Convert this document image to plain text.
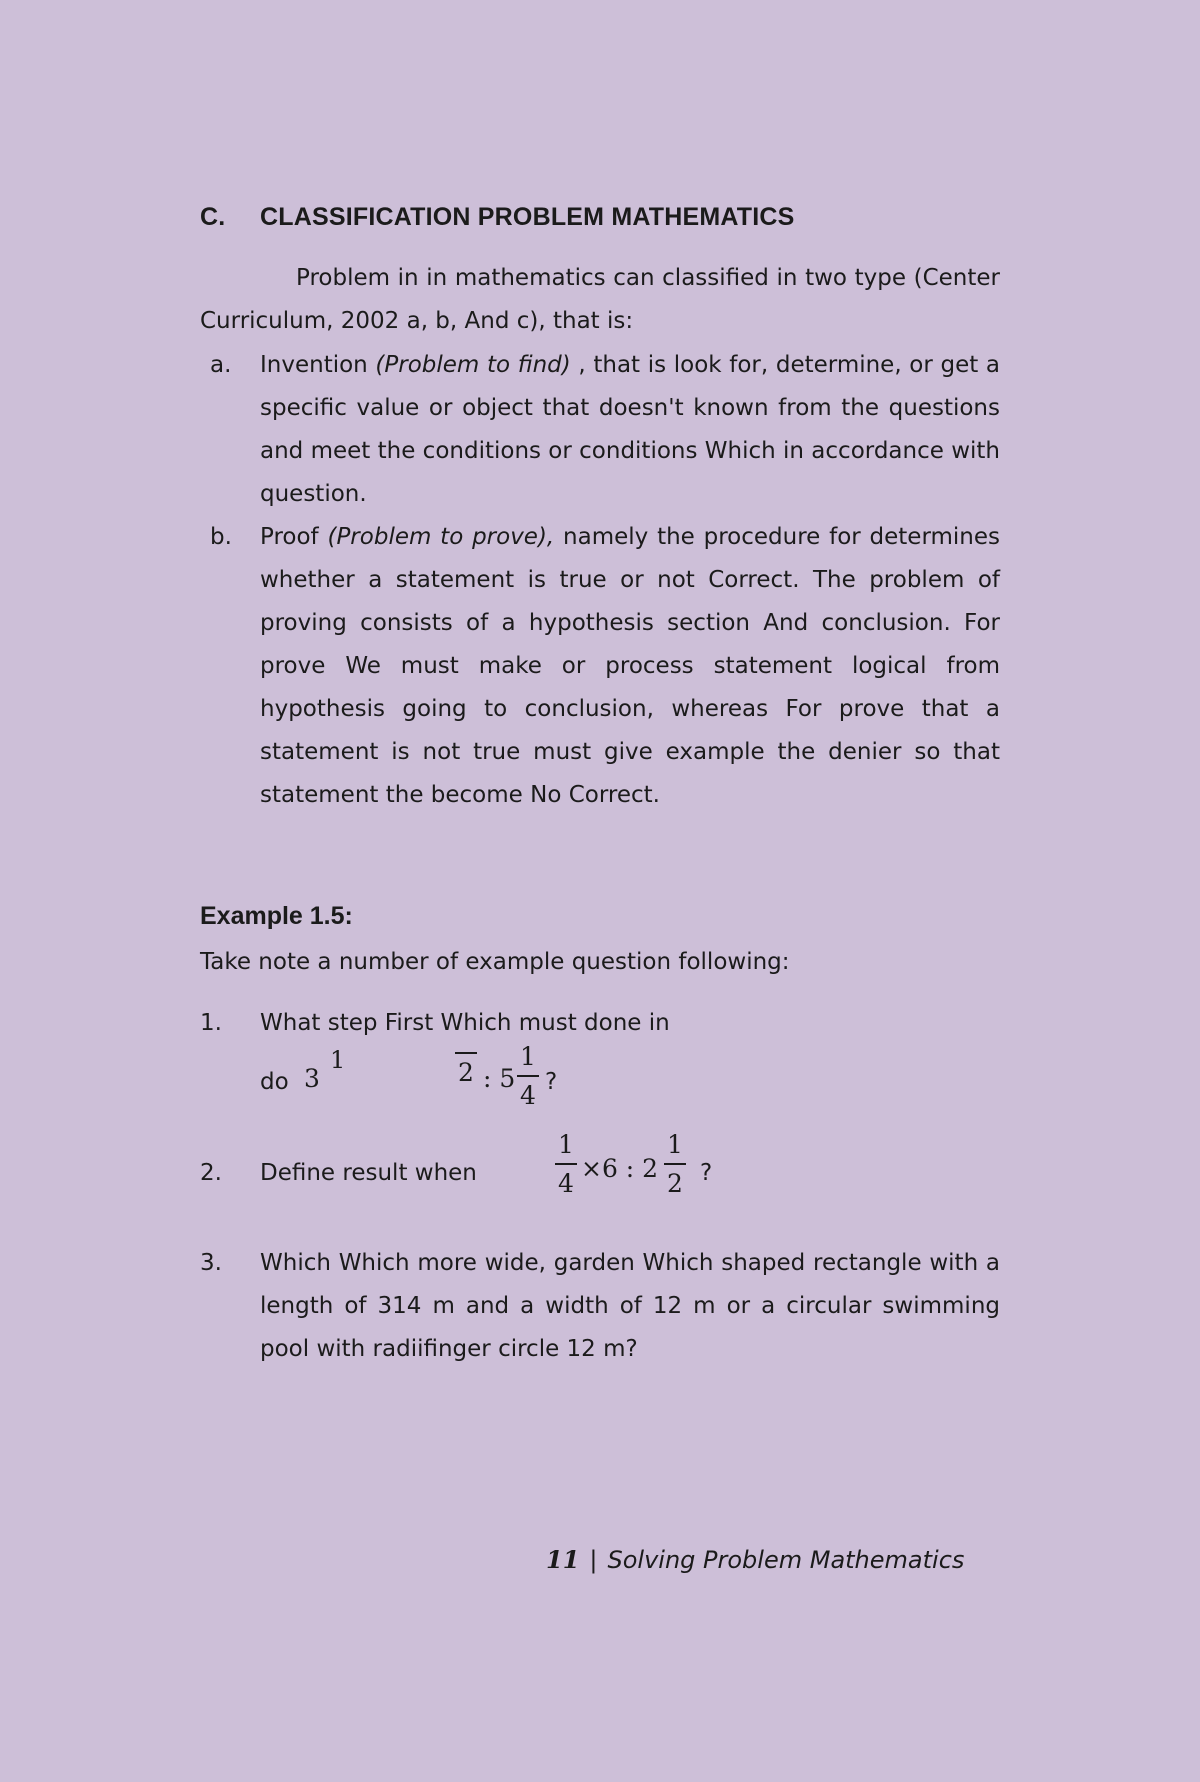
C. CLASSIFICATION PROBLEM MATHEMATICS

Problem in in mathematics can classified in two type (Center Curriculum, 2002 a, b, And c), that is:

a. Invention (Problem to find) , that is look for, determine, or get a specific value or object that doesn't known from the questions and meet the conditions or conditions Which in accordance with question.
b. Proof (Problem to prove), namely the procedure for determines whether a statement is true or not Correct. The problem of proving consists of a hypothesis section And conclusion. For prove We must make or process statement logical from hypothesis going to conclusion, whereas For prove that a statement is not true must give example the denier so that statement the become No Correct.
Example 1.5:

Take note a number of example question following:

1. What step First Which must done in
do 3
1	2 : 5
1
4 ?
2. Define result when
1
4
×6 : 2
1
2 ?
3. Which Which more wide, garden Which shaped rectangle with a length of 314 m and a width of 12 m or a circular swimming pool with radiifinger circle 12 m?

11 | Solving Problem Mathematics
